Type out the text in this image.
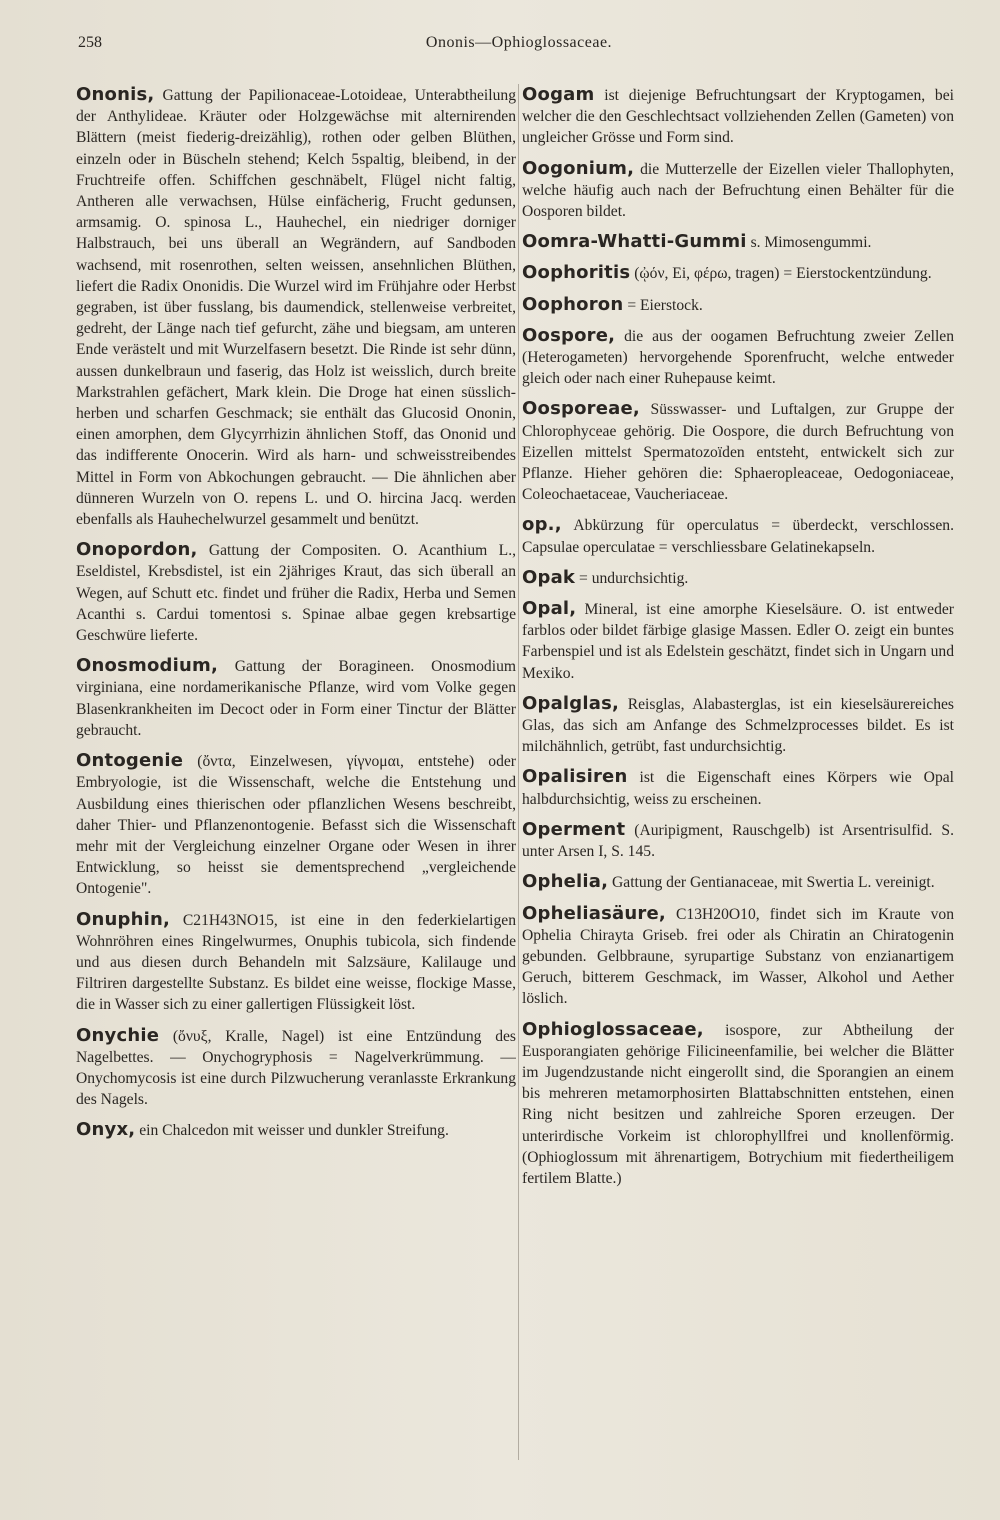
258	Ononis—Ophioglossaceae.

Ononis, Gattung der Papilionaceae-Lotoideae, Unterabtheilung der Anthylideae. Kräuter oder Holzgewächse mit alternirenden Blättern (meist fiederig-dreizählig), rothen oder gelben Blüthen, einzeln oder in Büscheln stehend; Kelch 5spaltig, bleibend, in der Fruchtreife offen. Schiffchen geschnäbelt, Flügel nicht faltig, Antheren alle verwachsen, Hülse einfächerig, Frucht gedunsen, armsamig. O. spinosa L., Hauhechel, ein niedriger dorniger Halbstrauch, bei uns überall an Wegrändern, auf Sandboden wachsend, mit rosenrothen, selten weissen, ansehnlichen Blüthen, liefert die Radix Ononidis. Die Wurzel wird im Frühjahre oder Herbst gegraben, ist über fusslang, bis daumendick, stellenweise verbreitet, gedreht, der Länge nach tief gefurcht, zähe und biegsam, am unteren Ende verästelt und mit Wurzelfasern besetzt. Die Rinde ist sehr dünn, aussen dunkelbraun und faserig, das Holz ist weisslich, durch breite Markstrahlen gefächert, Mark klein. Die Droge hat einen süsslich-herben und scharfen Geschmack; sie enthält das Glucosid Ononin, einen amorphen, dem Glycyrrhizin ähnlichen Stoff, das Ononid und das indifferente Onocerin. Wird als harn- und schweisstreibendes Mittel in Form von Abkochungen gebraucht. — Die ähnlichen aber dünneren Wurzeln von O. repens L. und O. hircina Jacq. werden ebenfalls als Hauhechelwurzel gesammelt und benützt.

Onopordon, Gattung der Compositen. O. Acanthium L., Eseldistel, Krebsdistel, ist ein 2jähriges Kraut, das sich überall an Wegen, auf Schutt etc. findet und früher die Radix, Herba und Semen Acanthi s. Cardui tomentosi s. Spinae albae gegen krebsartige Geschwüre lieferte.

Onosmodium, Gattung der Boragineen. Onosmodium virginiana, eine nordamerikanische Pflanze, wird vom Volke gegen Blasenkrankheiten im Decoct oder in Form einer Tinctur der Blätter gebraucht.

Ontogenie (ὄντα, Einzelwesen, γίγνομαι, entstehe) oder Embryologie, ist die Wissenschaft, welche die Entstehung und Ausbildung eines thierischen oder pflanzlichen Wesens beschreibt, daher Thier- und Pflanzenontogenie. Befasst sich die Wissenschaft mehr mit der Vergleichung einzelner Organe oder Wesen in ihrer Entwicklung, so heisst sie dementsprechend „vergleichende Ontogenie".

Onuphin, C21H43NO15, ist eine in den federkielartigen Wohnröhren eines Ringelwurmes, Onuphis tubicola, sich findende und aus diesen durch Behandeln mit Salzsäure, Kalilauge und Filtriren dargestellte Substanz. Es bildet eine weisse, flockige Masse, die in Wasser sich zu einer gallertigen Flüssigkeit löst.

Onychie (ὄνυξ, Kralle, Nagel) ist eine Entzündung des Nagelbettes. — Onychogryphosis = Nagelverkrümmung. — Onychomycosis ist eine durch Pilzwucherung veranlasste Erkrankung des Nagels.

Onyx, ein Chalcedon mit weisser und dunkler Streifung.

Oogam ist diejenige Befruchtungsart der Kryptogamen, bei welcher die den Geschlechtsact vollziehenden Zellen (Gameten) von ungleicher Grösse und Form sind.

Oogonium, die Mutterzelle der Eizellen vieler Thallophyten, welche häufig auch nach der Befruchtung einen Behälter für die Oosporen bildet.

Oomra-Whatti-Gummi s. Mimosengummi.

Oophoritis (ᾠόν, Ei, φέρω, tragen) = Eierstockentzündung.

Oophoron = Eierstock.

Oospore, die aus der oogamen Befruchtung zweier Zellen (Heterogameten) hervorgehende Sporenfrucht, welche entweder gleich oder nach einer Ruhepause keimt.

Oosporeae, Süsswasser- und Luftalgen, zur Gruppe der Chlorophyceae gehörig. Die Oospore, die durch Befruchtung von Eizellen mittelst Spermatozoïden entsteht, entwickelt sich zur Pflanze. Hieher gehören die: Sphaeropleaceae, Oedogoniaceae, Coleochaetaceae, Vaucheriaceae.

op., Abkürzung für operculatus = überdeckt, verschlossen. Capsulae operculatae = verschliessbare Gelatinekapseln.

Opak = undurchsichtig.

Opal, Mineral, ist eine amorphe Kieselsäure. O. ist entweder farblos oder bildet färbige glasige Massen. Edler O. zeigt ein buntes Farbenspiel und ist als Edelstein geschätzt, findet sich in Ungarn und Mexiko.

Opalglas, Reisglas, Alabasterglas, ist ein kieselsäurereiches Glas, das sich am Anfange des Schmelzprocesses bildet. Es ist milchähnlich, getrübt, fast undurchsichtig.

Opalisiren ist die Eigenschaft eines Körpers wie Opal halbdurchsichtig, weiss zu erscheinen.

Operment (Auripigment, Rauschgelb) ist Arsentrisulfid. S. unter Arsen I, S. 145.

Ophelia, Gattung der Gentianaceae, mit Swertia L. vereinigt.

Opheliasäure, C13H20O10, findet sich im Kraute von Ophelia Chirayta Griseb. frei oder als Chiratin an Chiratogenin gebunden. Gelbbraune, syrupartige Substanz von enzianartigem Geruch, bitterem Geschmack, im Wasser, Alkohol und Aether löslich.

Ophioglossaceae, isospore, zur Abtheilung der Eusporangiaten gehörige Filicineenfamilie, bei welcher die Blätter im Jugendzustande nicht eingerollt sind, die Sporangien an einem bis mehreren metamorphosirten Blattabschnitten entstehen, einen Ring nicht besitzen und zahlreiche Sporen erzeugen. Der unterirdische Vorkeim ist chlorophyllfrei und knollenförmig. (Ophioglossum mit ährenartigem, Botrychium mit fiedertheiligem fertilem Blatte.)
